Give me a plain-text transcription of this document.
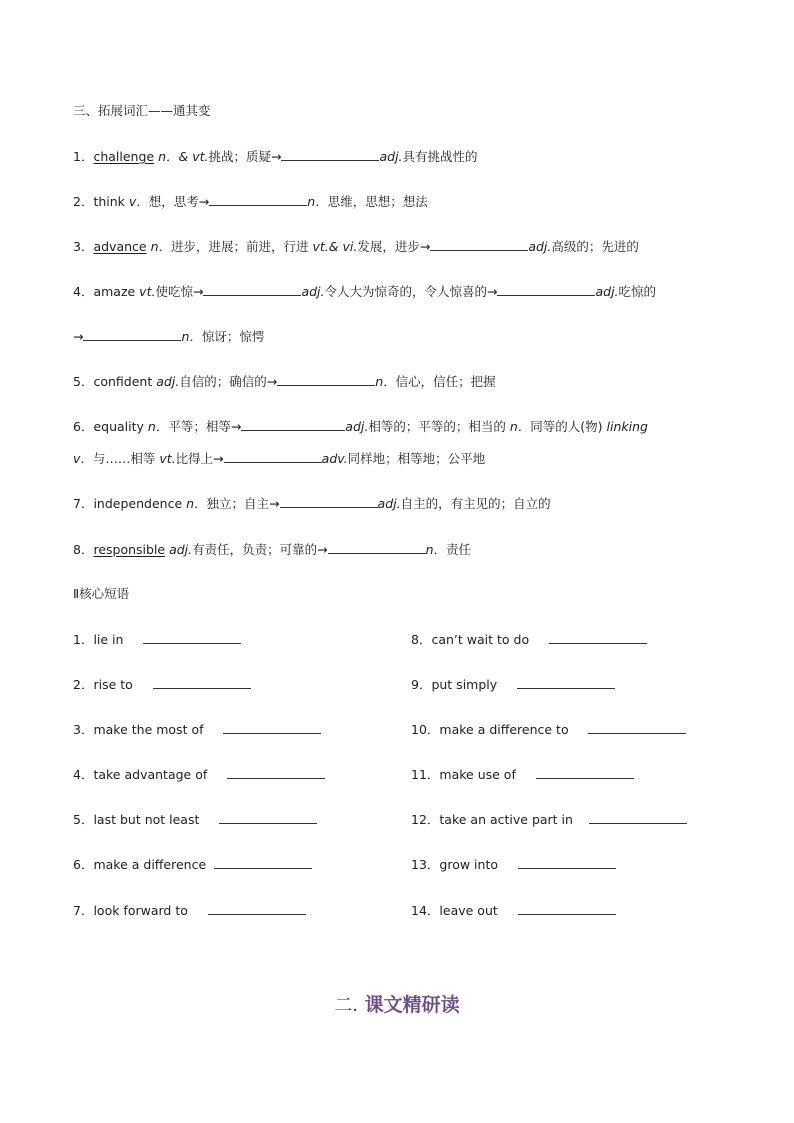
三、拓展词汇——通其变
1．challenge n．& vt.挑战；质疑→	adj.具有挑战性的
2．think v．想，思考→	n．思维，思想；想法
3．advance n．进步，进展；前进，行进 vt.& vi.发展，进步→	adj.高级的；先进的
4．amaze vt.使吃惊→	adj.令人大为惊奇的，令人惊喜的→	adj.吃惊的
→	n．惊讶；惊愕
5．confident adj.自信的；确信的→	n．信心，信任；把握
6．equality n．平等；相等→	adj.相等的；平等的；相当的 n．同等的人(物) linking
v．与……相等 vt.比得上→	adv.同样地；相等地；公平地
7．independence n．独立；自主→	adj.自主的，有主见的；自立的
8．responsible adj.有责任，负责；可靠的→	n．责任
Ⅱ核心短语
1．lie in
2．rise to
3．make the most of
4．take advantage of
5．last but not least
6．make a difference
7．look forward to
8．can’t wait to do
9．put simply
10．make a difference to
11．make use of
12．take an active part in
13．grow into
14．leave out
二. 课文精研读
